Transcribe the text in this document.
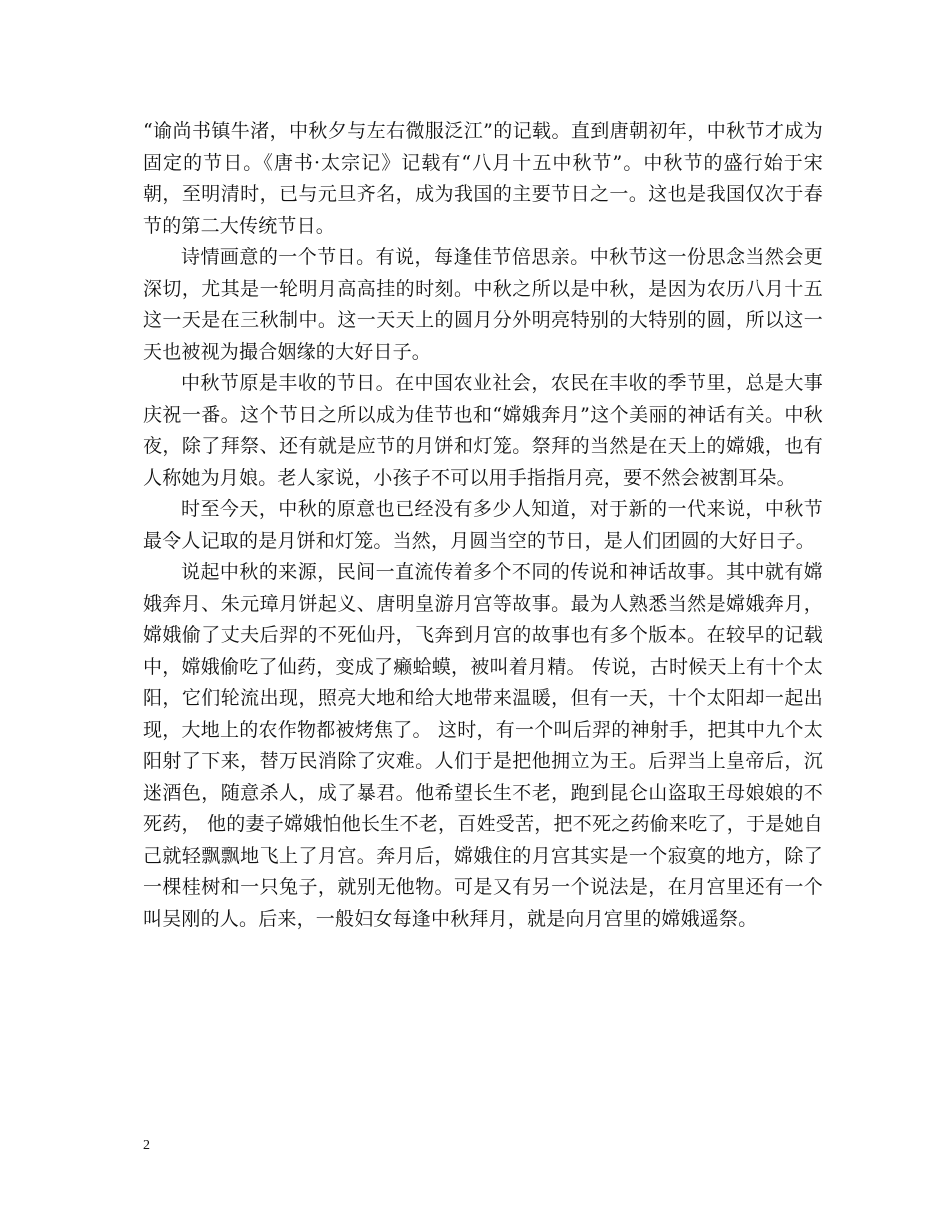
“谕尚书镇牛渚，中秋夕与左右微服泛江”的记载。直到唐朝初年，中秋节才成为固定的节日。《唐书·太宗记》记载有“八月十五中秋节”。中秋节的盛行始于宋朝，至明清时，已与元旦齐名，成为我国的主要节日之一。这也是我国仅次于春节的第二大传统节日。

诗情画意的一个节日。有说，每逢佳节倍思亲。中秋节这一份思念当然会更深切，尤其是一轮明月高高挂的时刻。中秋之所以是中秋，是因为农历八月十五这一天是在三秋制中。这一天天上的圆月分外明亮特别的大特别的圆，所以这一天也被视为撮合姻缘的大好日子。

中秋节原是丰收的节日。在中国农业社会，农民在丰收的季节里，总是大事庆祝一番。这个节日之所以成为佳节也和“嫦娥奔月”这个美丽的神话有关。中秋夜，除了拜祭、还有就是应节的月饼和灯笼。祭拜的当然是在天上的嫦娥，也有人称她为月娘。老人家说，小孩子不可以用手指指月亮，要不然会被割耳朵。

时至今天，中秋的原意也已经没有多少人知道，对于新的一代来说，中秋节最令人记取的是月饼和灯笼。当然，月圆当空的节日，是人们团圆的大好日子。

说起中秋的来源，民间一直流传着多个不同的传说和神话故事。其中就有嫦娥奔月、朱元璋月饼起义、唐明皇游月宫等故事。最为人熟悉当然是嫦娥奔月，嫦娥偷了丈夫后羿的不死仙丹，飞奔到月宫的故事也有多个版本。在较早的记载中，嫦娥偷吃了仙药，变成了癞蛤蟆，被叫着月精。 传说，古时候天上有十个太阳，它们轮流出现，照亮大地和给大地带来温暖，但有一天，十个太阳却一起出现，大地上的农作物都被烤焦了。 这时，有一个叫后羿的神射手，把其中九个太阳射了下来，替万民消除了灾难。人们于是把他拥立为王。后羿当上皇帝后，沉迷酒色，随意杀人，成了暴君。他希望长生不老，跑到昆仑山盗取王母娘娘的不死药， 他的妻子嫦娥怕他长生不老，百姓受苦，把不死之药偷来吃了，于是她自己就轻飘飘地飞上了月宫。奔月后，嫦娥住的月宫其实是一个寂寞的地方，除了一棵桂树和一只兔子，就别无他物。可是又有另一个说法是，在月宫里还有一个叫吴刚的人。后来，一般妇女每逢中秋拜月，就是向月宫里的嫦娥遥祭。

2
